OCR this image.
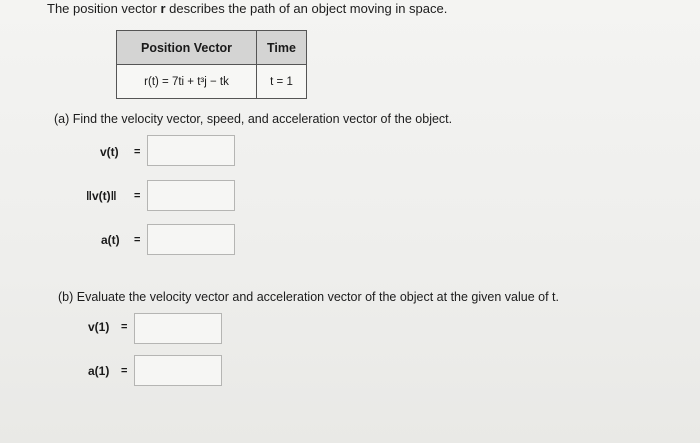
The position vector r describes the path of an object moving in space.
Position Vector	Time
r(t) = 7ti + t³j − tk	t = 1
(a) Find the velocity vector, speed, and acceleration vector of the object.
v(t) =
‖v(t)‖ =
a(t) =
(b) Evaluate the velocity vector and acceleration vector of the object at the given value of t.
v(1) =
a(1) =
